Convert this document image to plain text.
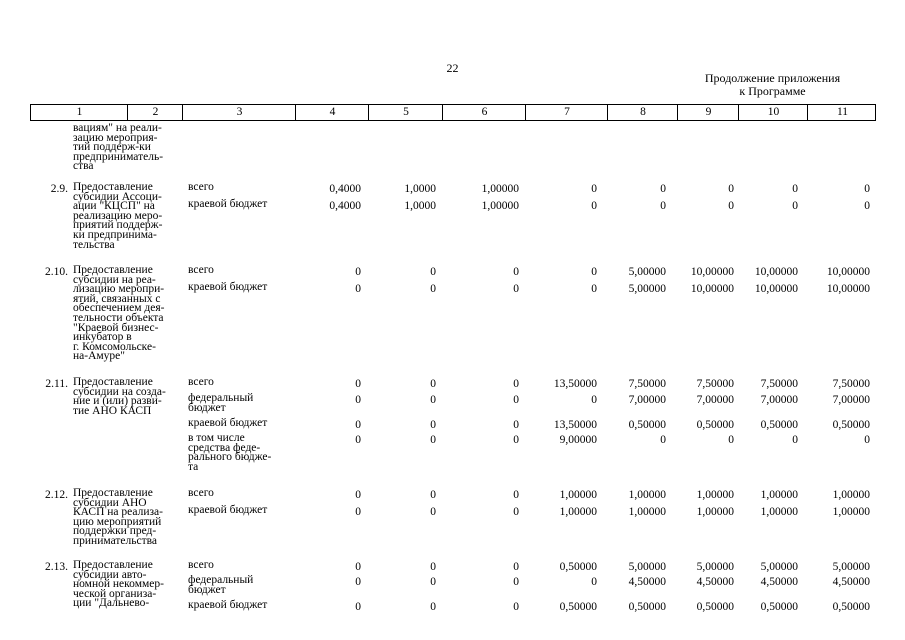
22
Продолжение приложения
к Программе
1	2	3	4	5	6	7	8	9	10	11
вациям" на реали-
зацию мероприя-
тий поддерж-ки
предприниматель-
ства
2.9. Предоставление
субсидии Ассоци-
ации "КЦСП" на
реализацию меро-
приятий поддерж-
ки предпринима-
тельства
всего	0,4000	1,0000	1,00000	0	0	0	0	0
краевой бюджет	0,4000	1,0000	1,00000	0	0	0	0	0
2.10. Предоставление
субсидии на реа-
лизацию меропри-
ятий, связанных с
обеспечением дея-
тельности объекта
"Краевой бизнес-
инкубатор в
г. Комсомольске-
на-Амуре"
всего	0	0	0	0	5,00000 10,00000 10,00000	10,00000
краевой бюджет	0	0	0	0	5,00000 10,00000 10,00000	10,00000
2.11. Предоставление
субсидии на созда-
ние и (или) разви-
тие АНО КАСП
всего	0	0	0	13,50000	7,50000	7,50000 7,50000	7,50000
федеральный
бюджет
0	0	0	0	7,00000	7,00000 7,00000	7,00000
краевой бюджет	0	0	0	13,50000	0,50000	0,50000 0,50000	0,50000
в том числе
средства феде-
рального бюдже-
та
0	0	0	9,00000	0	0	0	0
2.12. Предоставление
субсидии АНО
КАСП на реализа-
цию мероприятий
поддержки пред-
принимательства
всего	0	0	0	1,00000	1,00000	1,00000 1,00000	1,00000
краевой бюджет	0	0	0	1,00000	1,00000	1,00000 1,00000	1,00000
2.13. Предоставление
субсидии авто-
номной некоммер-
ческой организа-
ции "Дальнево-
всего	0	0	0	0,50000	5,00000	5,00000 5,00000	5,00000
федеральный
бюджет
0	0	0	0	4,50000	4,50000 4,50000	4,50000
краевой бюджет	0	0	0	0,50000	0,50000	0,50000 0,50000	0,50000
